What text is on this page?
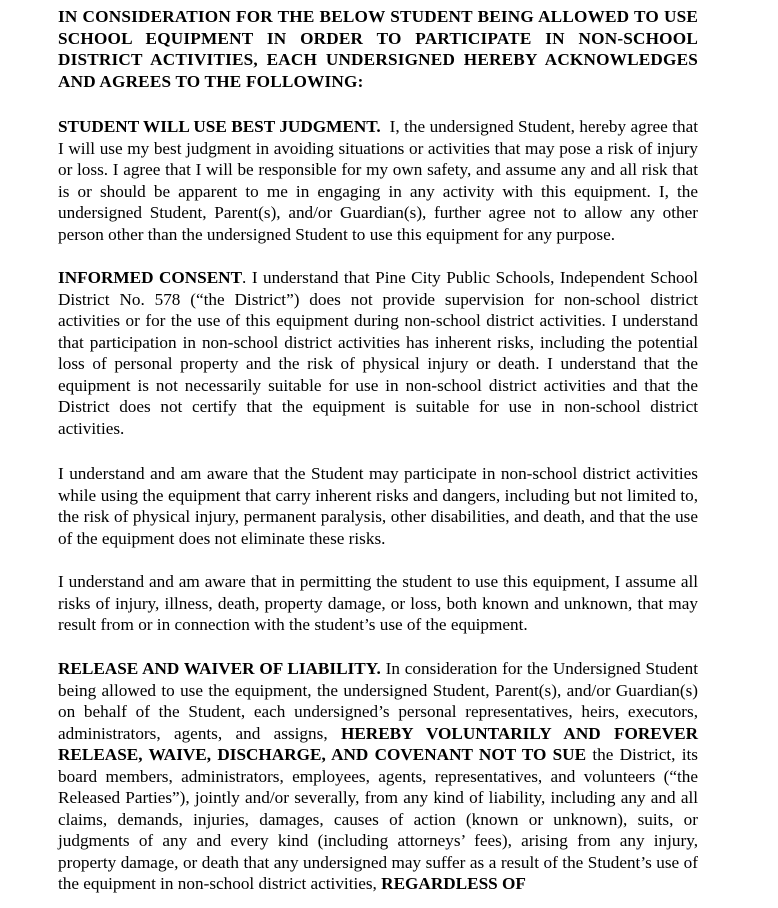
IN CONSIDERATION FOR THE BELOW STUDENT BEING ALLOWED TO USE SCHOOL EQUIPMENT IN ORDER TO PARTICIPATE IN NON-SCHOOL DISTRICT ACTIVITIES, EACH UNDERSIGNED HEREBY ACKNOWLEDGES AND AGREES TO THE FOLLOWING:

STUDENT WILL USE BEST JUDGMENT. I, the undersigned Student, hereby agree that I will use my best judgment in avoiding situations or activities that may pose a risk of injury or loss. I agree that I will be responsible for my own safety, and assume any and all risk that is or should be apparent to me in engaging in any activity with this equipment. I, the undersigned Student, Parent(s), and/or Guardian(s), further agree not to allow any other person other than the undersigned Student to use this equipment for any purpose.

INFORMED CONSENT. I understand that Pine City Public Schools, Independent School District No. 578 (“the District”) does not provide supervision for non-school district activities or for the use of this equipment during non-school district activities. I understand that participation in non-school district activities has inherent risks, including the potential loss of personal property and the risk of physical injury or death. I understand that the equipment is not necessarily suitable for use in non-school district activities and that the District does not certify that the equipment is suitable for use in non-school district activities.

I understand and am aware that the Student may participate in non-school district activities while using the equipment that carry inherent risks and dangers, including but not limited to, the risk of physical injury, permanent paralysis, other disabilities, and death, and that the use of the equipment does not eliminate these risks.

I understand and am aware that in permitting the student to use this equipment, I assume all risks of injury, illness, death, property damage, or loss, both known and unknown, that may result from or in connection with the student’s use of the equipment.

RELEASE AND WAIVER OF LIABILITY. In consideration for the Undersigned Student being allowed to use the equipment, the undersigned Student, Parent(s), and/or Guardian(s) on behalf of the Student, each undersigned’s personal representatives, heirs, executors, administrators, agents, and assigns, HEREBY VOLUNTARILY AND FOREVER RELEASE, WAIVE, DISCHARGE, AND COVENANT NOT TO SUE the District, its board members, administrators, employees, agents, representatives, and volunteers (“the Released Parties”), jointly and/or severally, from any kind of liability, including any and all claims, demands, injuries, damages, causes of action (known or unknown), suits, or judgments of any and every kind (including attorneys’ fees), arising from any injury, property damage, or death that any undersigned may suffer as a result of the Student’s use of the equipment in non-school district activities, REGARDLESS OF
